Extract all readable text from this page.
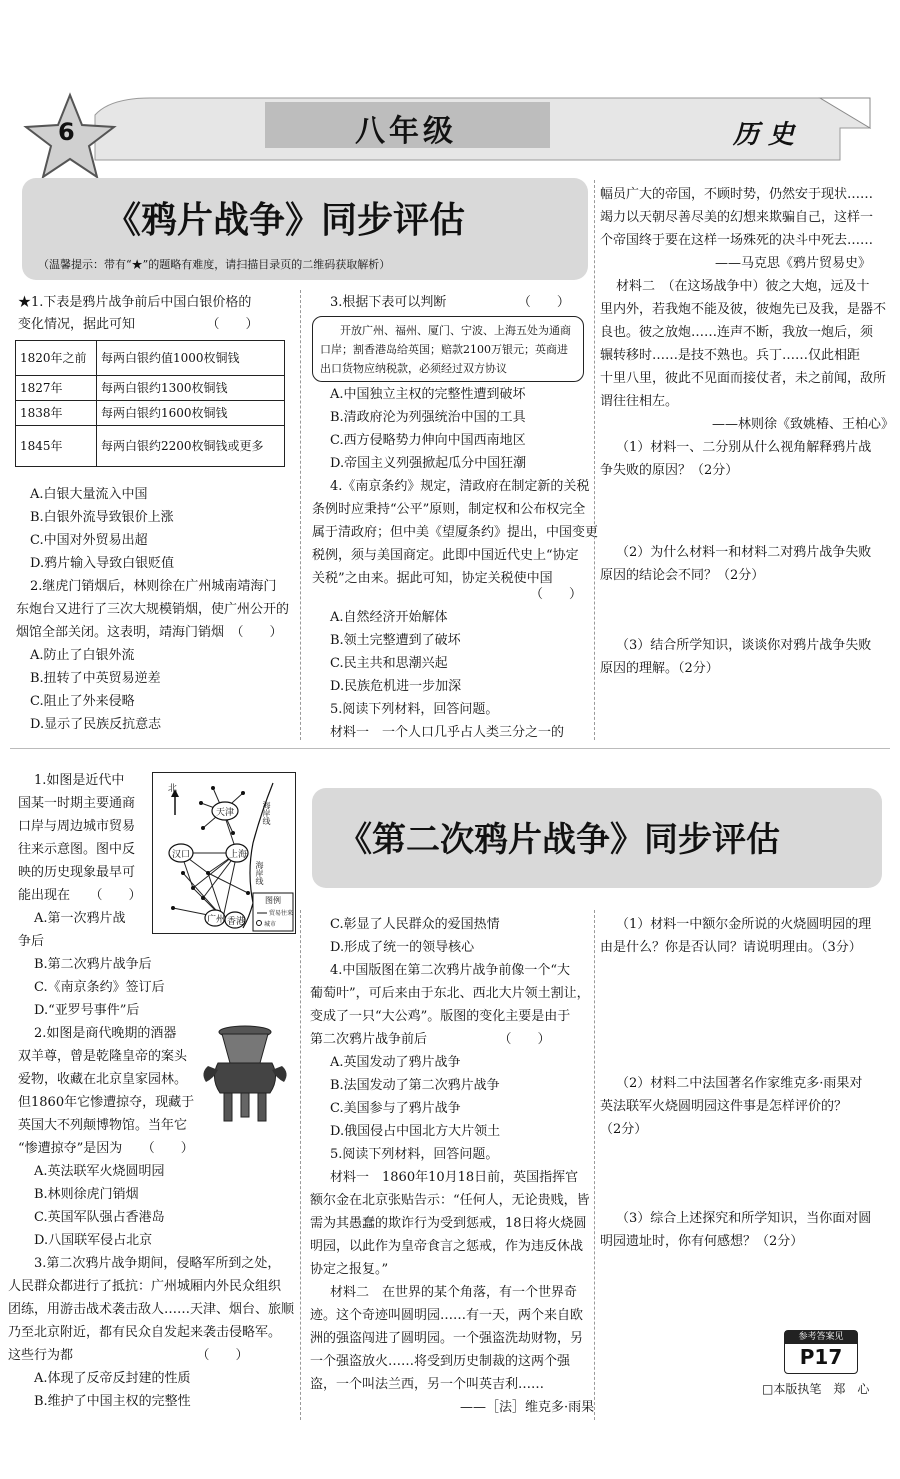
6	八年级	历 史
《鸦片战争》同步评估
（温馨提示：带有“★”的题略有难度，请扫描目录页的二维码获取解析）
★1.下表是鸦片战争前后中国白银价格的
变化情况，据此可知　　　　　　（　　）
1820年之前	每两白银约值1000枚铜钱
1827年	每两白银约1300枚铜钱
1838年	每两白银约1600枚铜钱
1845年	每两白银约2200枚铜钱或更多
A.白银大量流入中国
B.白银外流导致银价上涨
C.中国对外贸易出超
D.鸦片输入导致白银贬值
2.继虎门销烟后，林则徐在广州城南靖海门
东炮台又进行了三次大规模销烟，使广州公开的
烟馆全部关闭。这表明，靖海门销烟　（　　）
A.防止了白银外流
B.扭转了中英贸易逆差
C.阻止了外来侵略
D.显示了民族反抗意志
3.根据下表可以判断　　　　　　（　　）
开放广州、福州、厦门、宁波、上海五处为通商
口岸；割香港岛给英国；赔款2100万银元；英商进
出口货物应纳税款，必须经过双方协议
A.中国独立主权的完整性遭到破坏
B.清政府沦为列强统治中国的工具
C.西方侵略势力伸向中国西南地区
D.帝国主义列强掀起瓜分中国狂潮
4.《南京条约》规定，清政府在制定新的关税
条例时应秉持“公平”原则，制定权和公布权完全
属于清政府；但中美《望厦条约》提出，中国变更
税例，须与美国商定。此即中国近代史上“协定
关税”之由来。据此可知，协定关税使中国
（　　）
A.自然经济开始解体
B.领土完整遭到了破坏
C.民主共和思潮兴起
D.民族危机进一步加深
5.阅读下列材料，回答问题。
材料一　一个人口几乎占人类三分之一的
幅员广大的帝国，不顾时势，仍然安于现状……
竭力以天朝尽善尽美的幻想来欺骗自己，这样一
个帝国终于要在这样一场殊死的决斗中死去……
——马克思《鸦片贸易史》
材料二　（在这场战争中）彼之大炮，远及十
里内外，若我炮不能及彼，彼炮先已及我，是器不
良也。彼之放炮……连声不断，我放一炮后，须
辗转移时……是技不熟也。兵丁……仅此相距
十里八里，彼此不见面而接仗者，未之前闻，敌所
谓往往相左。
——林则徐《致姚椿、王柏心》
（1）材料一、二分别从什么视角解释鸦片战
争失败的原因？（2分）
（2）为什么材料一和材料二对鸦片战争失败
原因的结论会不同？（2分）
（3）结合所学知识，谈谈你对鸦片战争失败
原因的理解。（2分）
《第二次鸦片战争》同步评估
1.如图是近代中
国某一时期主要通商
口岸与周边城市贸易
往来示意图。图中反
映的历史现象最早可
能出现在　　（　　）
A.第一次鸦片战
争后
B.第二次鸦片战争后
C.《南京条约》签订后
D.“亚罗号事件”后
北
海岸线
海岸线
天津
上海
汉口
广州 香港
图例
贸易往来
城市
2.如图是商代晚期的酒器
双羊尊，曾是乾隆皇帝的案头
爱物，收藏在北京皇家园林。
但1860年它惨遭掠夺，现藏于
英国大不列颠博物馆。当年它
“惨遭掠夺”是因为　　（　　）
A.英法联军火烧圆明园
B.林则徐虎门销烟
C.英国军队强占香港岛
D.八国联军侵占北京
3.第二次鸦片战争期间，侵略军所到之处，
人民群众都进行了抵抗：广州城厢内外民众组织
团练，用游击战术袭击敌人……天津、烟台、旅顺
乃至北京附近，都有民众自发起来袭击侵略军。
这些行为都　　　　　　　　　　（　　）
A.体现了反帝反封建的性质
B.维护了中国主权的完整性
C.彰显了人民群众的爱国热情
D.形成了统一的领导核心
4.中国版图在第二次鸦片战争前像一个“大
葡萄叶”，可后来由于东北、西北大片领土割让，
变成了一只“大公鸡”。版图的变化主要是由于
第二次鸦片战争前后　　　　　　（　　）
A.英国发动了鸦片战争
B.法国发动了第二次鸦片战争
C.美国参与了鸦片战争
D.俄国侵占中国北方大片领土
5.阅读下列材料，回答问题。
材料一　1860年10月18日前，英国指挥官
额尔金在北京张贴告示：“任何人，无论贵贱，皆
需为其愚蠢的欺诈行为受到惩戒，18日将火烧圆
明园，以此作为皇帝食言之惩戒，作为违反休战
协定之报复。”
材料二　在世界的某个角落，有一个世界奇
迹。这个奇迹叫圆明园……有一天，两个来自欧
洲的强盗闯进了圆明园。一个强盗洗劫财物，另
一个强盗放火……将受到历史制裁的这两个强
盗，一个叫法兰西，另一个叫英吉利……
——［法］维克多·雨果
（1）材料一中额尔金所说的火烧圆明园的理
由是什么？你是否认同？请说明理由。（3分）
（2）材料二中法国著名作家维克多·雨果对
英法联军火烧圆明园这件事是怎样评价的？
（2分）
（3）综合上述探究和所学知识，当你面对圆
明园遗址时，你有何感想？（2分）
参考答案见
P17
□本版执笔　郑　心
